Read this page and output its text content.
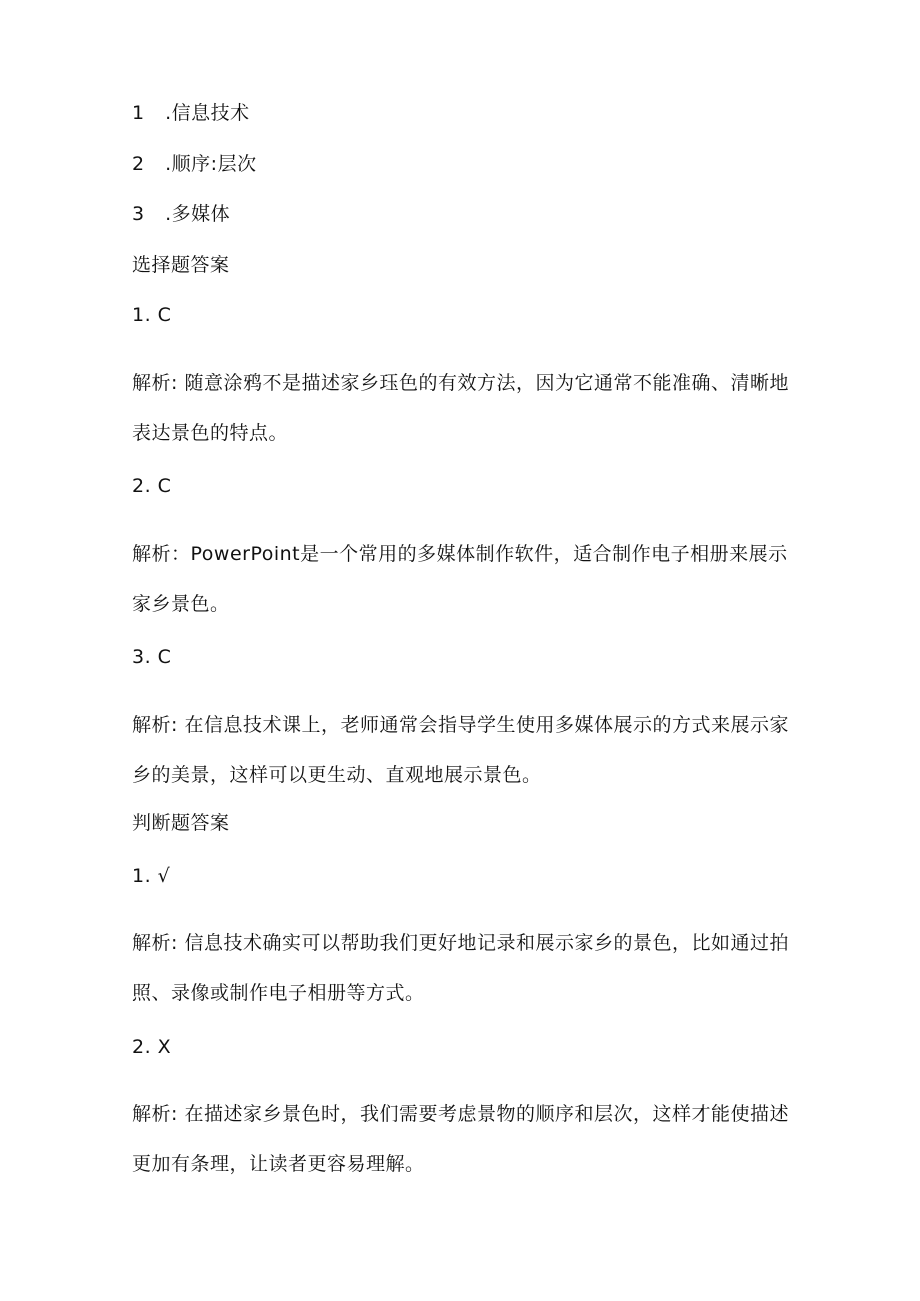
1 .信息技术
2 .顺序:层次
3 .多媒体
选择题答案
1. C
解析: 随意涂鸦不是描述家乡珏色的有效方法，因为它通常不能准确、清晰地表达景色的特点。
2. C
解析：PowerPoint是一个常用的多媒体制作软件，适合制作电子相册来展示家乡景色。
3. C
解析: 在信息技术课上，老师通常会指导学生使用多媒体展示的方式来展示家乡的美景，这样可以更生动、直观地展示景色。
判断题答案
1. √
解析: 信息技术确实可以帮助我们更好地记录和展示家乡的景色，比如通过拍照、录像或制作电子相册等方式。
2. X
解析: 在描述家乡景色时，我们需要考虑景物的顺序和层次，这样才能使描述更加有条理，让读者更容易理解。
